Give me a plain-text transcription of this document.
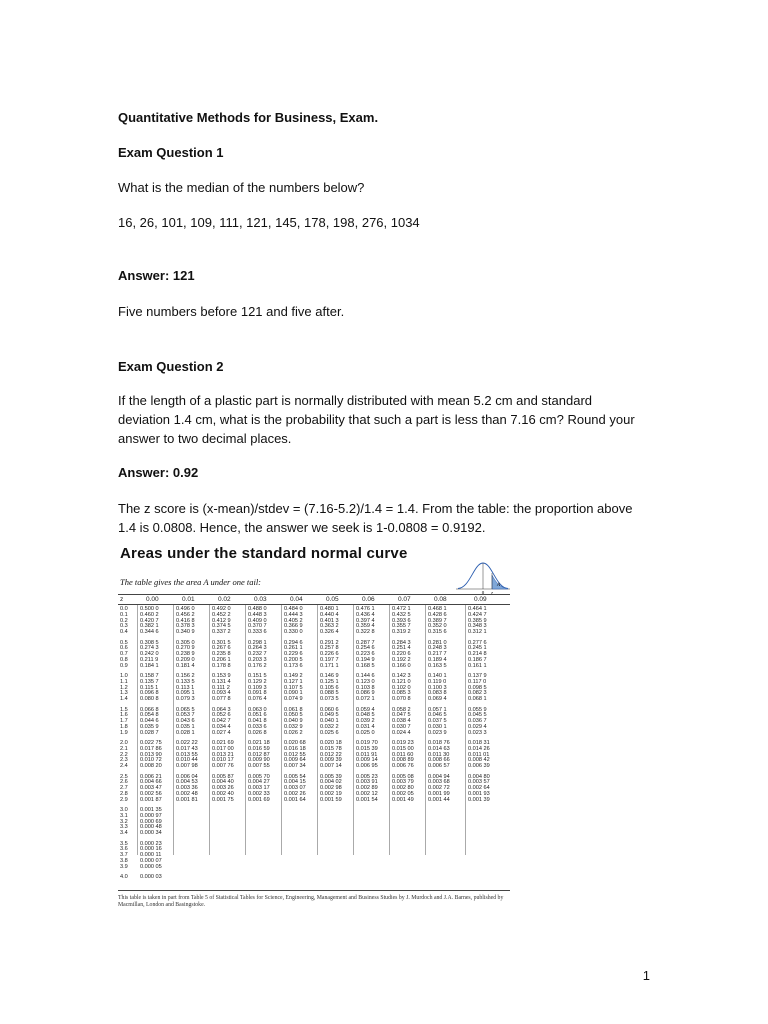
Quantitative Methods for Business, Exam.

Exam Question 1

What is the median of the numbers below?

16, 26, 101, 109, 111, 121, 145, 178, 198, 276, 1034

Answer: 121

Five numbers before 121 and five after.

Exam Question 2

If the length of a plastic part is normally distributed with mean 5.2 cm and standard deviation 1.4 cm, what is the probability that such a part is less than 7.16 cm? Round your answer to two decimal places.

Answer: 0.92

The z score is (x-mean)/stdev = (7.16-5.2)/1.4 = 1.4. From the table: the proportion above 1.4 is 0.0808. Hence, the answer we seek is 1-0.0808 = 0.9192.

Areas under the standard normal curve
The table gives the area A under one tail:
0 z
A
z	0.00	0.01	0.02	0.03	0.04	0.05	0.06	0.07	0.08	0.09
0.0 0.500 0	0.496 0	0.492 0	0.488 0	0.484 0	0.480 1	0.476 1	0.472 1	0.468 1	0.464 1
0.1 0.460 2	0.456 2	0.452 2	0.448 3	0.444 3	0.440 4	0.436 4	0.432 5	0.428 6	0.424 7
0.2 0.420 7	0.416 8	0.412 9	0.409 0	0.405 2	0.401 3	0.397 4	0.393 6	0.389 7	0.385 9
0.3 0.382 1	0.378 3	0.374 5	0.370 7	0.366 9	0.363 2	0.359 4	0.355 7	0.352 0	0.348 3
0.4 0.344 6	0.340 9	0.337 2	0.333 6	0.330 0	0.326 4	0.322 8	0.319 2	0.315 6	0.312 1
0.5 0.308 5	0.305 0	0.301 5	0.298 1	0.294 6	0.291 2	0.287 7	0.284 3	0.281 0	0.277 6
0.6 0.274 3	0.270 9	0.267 6	0.264 3	0.261 1	0.257 8	0.254 6	0.251 4	0.248 3	0.245 1
0.7 0.242 0	0.238 9	0.235 8	0.232 7	0.229 6	0.226 6	0.223 6	0.220 6	0.217 7	0.214 8
0.8 0.211 9	0.209 0	0.206 1	0.203 3	0.200 5	0.197 7	0.194 9	0.192 2	0.189 4	0.186 7
0.9 0.184 1	0.181 4	0.178 8	0.176 2	0.173 6	0.171 1	0.168 5	0.166 0	0.163 5	0.161 1
1.0 0.158 7	0.156 2	0.153 9	0.151 5	0.149 2	0.146 9	0.144 6	0.142 3	0.140 1	0.137 9
1.1 0.135 7	0.133 5	0.131 4	0.129 2	0.127 1	0.125 1	0.123 0	0.121 0	0.119 0	0.117 0
1.2 0.115 1	0.113 1	0.111 2	0.109 3	0.107 5	0.105 6	0.103 8	0.102 0	0.100 3	0.098 5
1.3 0.096 8	0.095 1	0.093 4	0.091 8	0.090 1	0.088 5	0.086 9	0.085 3	0.083 8	0.082 3
1.4 0.080 8	0.079 3	0.077 8	0.076 4	0.074 9	0.073 5	0.072 1	0.070 8	0.069 4	0.068 1
1.5 0.066 8	0.065 5	0.064 3	0.063 0	0.061 8	0.060 6	0.059 4	0.058 2	0.057 1	0.055 9
1.6 0.054 8	0.053 7	0.052 6	0.051 6	0.050 5	0.049 5	0.048 5	0.047 5	0.046 5	0.045 5
1.7 0.044 6	0.043 6	0.042 7	0.041 8	0.040 9	0.040 1	0.039 2	0.038 4	0.037 5	0.036 7
1.8 0.035 9	0.035 1	0.034 4	0.033 6	0.032 9	0.032 2	0.031 4	0.030 7	0.030 1	0.029 4
1.9 0.028 7	0.028 1	0.027 4	0.026 8	0.026 2	0.025 6	0.025 0	0.024 4	0.023 9	0.023 3
2.0 0.022 75	0.022 22	0.021 69	0.021 18	0.020 68	0.020 18	0.019 70	0.019 23	0.018 76	0.018 31
2.1 0.017 86	0.017 43	0.017 00	0.016 59	0.016 18	0.015 78	0.015 39	0.015 00	0.014 63	0.014 26
2.2 0.013 90	0.013 55	0.013 21	0.012 87	0.012 55	0.012 22	0.011 91	0.011 60	0.011 30	0.011 01
2.3 0.010 72	0.010 44	0.010 17	0.009 90	0.009 64	0.009 39	0.009 14	0.008 89	0.008 66	0.008 42
2.4 0.008 20	0.007 98	0.007 76	0.007 55	0.007 34	0.007 14	0.006 95	0.006 76	0.006 57	0.006 39
2.5 0.006 21	0.006 04	0.005 87	0.005 70	0.005 54	0.005 39	0.005 23	0.005 08	0.004 94	0.004 80
2.6 0.004 66	0.004 53	0.004 40	0.004 27	0.004 15	0.004 02	0.003 91	0.003 79	0.003 68	0.003 57
2.7 0.003 47	0.003 36	0.003 26	0.003 17	0.003 07	0.002 98	0.002 89	0.002 80	0.002 72	0.002 64
2.8 0.002 56	0.002 48	0.002 40	0.002 33	0.002 26	0.002 19	0.002 12	0.002 05	0.001 99	0.001 93
2.9 0.001 87	0.001 81	0.001 75	0.001 69	0.001 64	0.001 59	0.001 54	0.001 49	0.001 44	0.001 39
3.0 0.001 35
3.1 0.000 97
3.2 0.000 69
3.3 0.000 48
3.4 0.000 34
3.5 0.000 23
3.6 0.000 16
3.7 0.000 11
3.8 0.000 07
3.9 0.000 05
4.0 0.000 03
This table is taken in part from Table 5 of Statistical Tables for Science, Engineering, Management and Business Studies by J. Murdoch and J.A. Barnes, published by Macmillan, London and Basingstoke.
1
